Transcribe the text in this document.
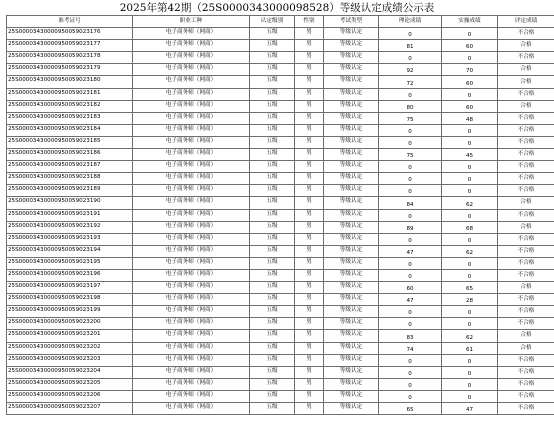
2025年第42期（25S0000343000098528）等级认定成绩公示表
准考证号	职业工种	认定级别	性别	考试类型	理论成绩	实操成绩	评定成绩
25S00003430000950059023176	电子商务师（网商）	五级	男	等级认定	0	0	不合格
25S00003430000950059023177	电子商务师（网商）	五级	男	等级认定	81	60	合格
25S00003430000950059023178	电子商务师（网商）	五级	男	等级认定	0	0	不合格
25S00003430000950059023179	电子商务师（网商）	五级	男	等级认定	92	70	合格
25S00003430000950059023180	电子商务师（网商）	五级	男	等级认定	72	60	合格
25S00003430000950059023181	电子商务师（网商）	五级	男	等级认定	0	0	不合格
25S00003430000950059023182	电子商务师（网商）	五级	男	等级认定	80	60	合格
25S00003430000950059023183	电子商务师（网商）	五级	男	等级认定	75	48	不合格
25S00003430000950059023184	电子商务师（网商）	五级	男	等级认定	0	0	不合格
25S00003430000950059023185	电子商务师（网商）	五级	男	等级认定	0	0	不合格
25S00003430000950059023186	电子商务师（网商）	五级	男	等级认定	75	45	不合格
25S00003430000950059023187	电子商务师（网商）	五级	男	等级认定	0	0	不合格
25S00003430000950059023188	电子商务师（网商）	五级	男	等级认定	0	0	不合格
25S00003430000950059023189	电子商务师（网商）	五级	男	等级认定	0	0	不合格
25S00003430000950059023190	电子商务师（网商）	五级	男	等级认定	84	62	合格
25S00003430000950059023191	电子商务师（网商）	五级	男	等级认定	0	0	不合格
25S00003430000950059023192	电子商务师（网商）	五级	男	等级认定	89	68	合格
25S00003430000950059023193	电子商务师（网商）	五级	男	等级认定	0	0	不合格
25S00003430000950059023194	电子商务师（网商）	五级	男	等级认定	47	62	不合格
25S00003430000950059023195	电子商务师（网商）	五级	男	等级认定	0	0	不合格
25S00003430000950059023196	电子商务师（网商）	五级	男	等级认定	0	0	不合格
25S00003430000950059023197	电子商务师（网商）	五级	男	等级认定	60	65	合格
25S00003430000950059023198	电子商务师（网商）	五级	男	等级认定	47	28	不合格
25S00003430000950059023199	电子商务师（网商）	五级	男	等级认定	0	0	不合格
25S00003430000950059023200	电子商务师（网商）	五级	男	等级认定	0	0	不合格
25S00003430000950059023201	电子商务师（网商）	五级	男	等级认定	83	62	合格
25S00003430000950059023202	电子商务师（网商）	五级	男	等级认定	74	61	合格
25S00003430000950059023203	电子商务师（网商）	五级	男	等级认定	0	0	不合格
25S00003430000950059023204	电子商务师（网商）	五级	男	等级认定	0	0	不合格
25S00003430000950059023205	电子商务师（网商）	五级	男	等级认定	0	0	不合格
25S00003430000950059023206	电子商务师（网商）	五级	男	等级认定	0	0	不合格
25S00003430000950059023207	电子商务师（网商）	五级	男	等级认定	65	47	不合格
